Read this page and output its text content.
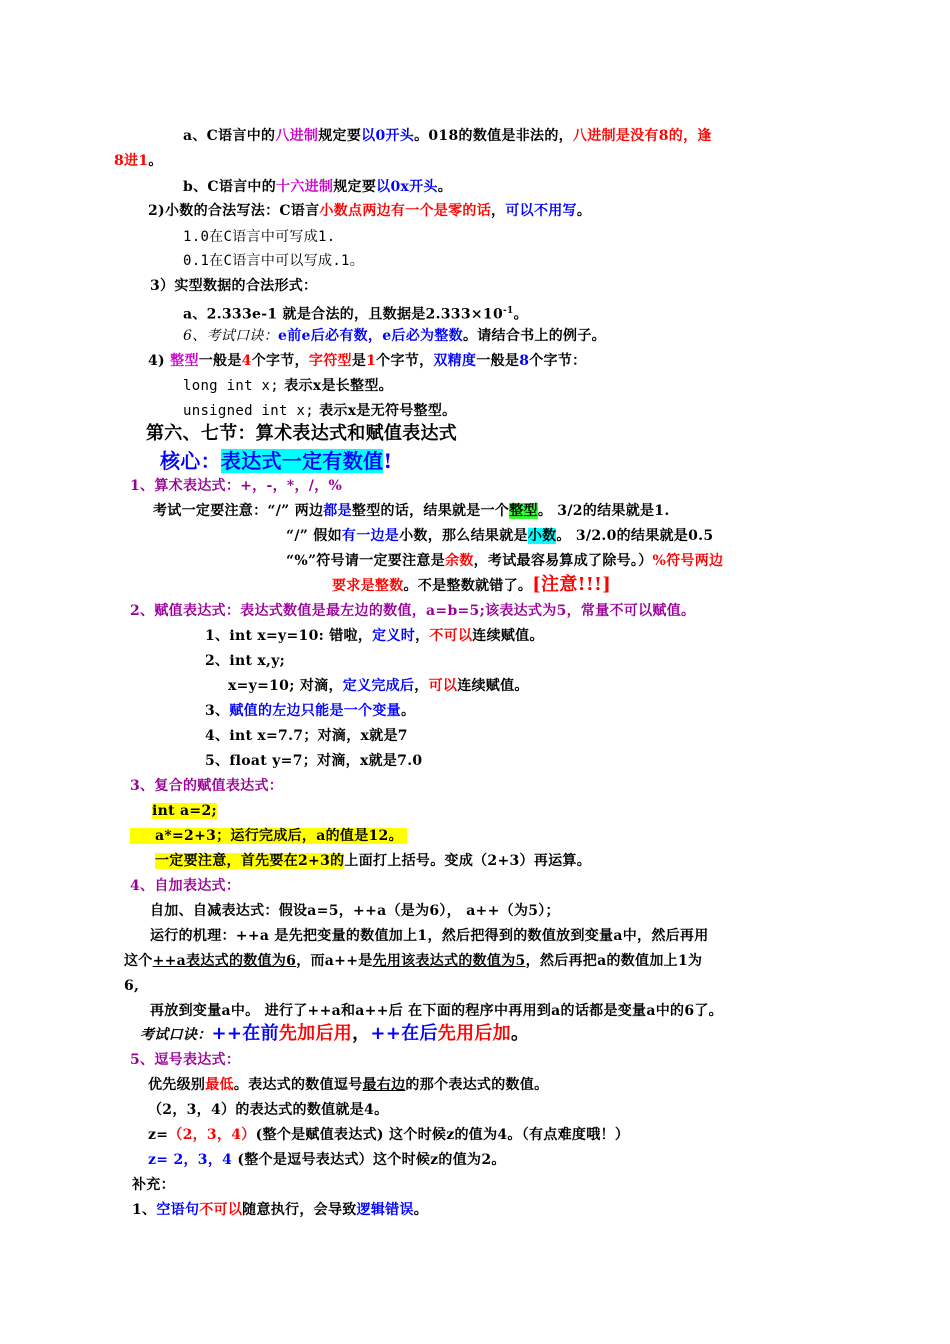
a、C语言中的八进制规定要以0开头。018的数值是非法的，八进制是没有8的，逢
8进1。
b、C语言中的十六进制规定要以0x开头。
2)小数的合法写法：C语言小数点两边有一个是零的话，可以不用写。
1.0在C语言中可写成1.
0.1在C语言中可以写成.1。
3）实型数据的合法形式：
a、2.333e-1 就是合法的，且数据是$2.333\times 10^{-1}$。
6、考试口诀：e前e后必有数，e后必为整数。请结合书上的例子。
4) 整型一般是4个字节，字符型是1个字节，双精度一般是8个字节：
long int x; 表示x是长整型。
unsigned int x; 表示x是无符号整型。
第六、七节：算术表达式和赋值表达式
核心：表达式一定有数值!
1、算术表达式：+，-，*，/，%
考试一定要注意：“/” 两边都是整型的话，结果就是一个整型。 3/2的结果就是1.
“/” 假如有一边是小数，那么结果就是小数。 3/2.0的结果就是0.5
“%”符号请一定要注意是余数，考试最容易算成了除号。）%符号两边
要求是整数。不是整数就错了。[注意!!!]
2、赋值表达式：表达式数值是最左边的数值，a=b=5;该表达式为5，常量不可以赋值。
1、int x=y=10: 错啦，定义时，不可以连续赋值。
2、int x,y;
x=y=10; 对滴，定义完成后，可以连续赋值。
3、赋值的左边只能是一个变量。
4、int x=7.7；对滴，x就是7
5、float y=7；对滴，x就是7.0
3、复合的赋值表达式：
int a=2;
a*=2+3；运行完成后，a的值是12。
一定要注意，首先要在2+3的上面打上括号。变成（2+3）再运算。
4、自加表达式：
自加、自减表达式：假设a=5，++a（是为6）， a++（为5）；
运行的机理：++a 是先把变量的数值加上1，然后把得到的数值放到变量a中，然后再用
这个++a表达式的数值为6，而a++是先用该表达式的数值为5，然后再把a的数值加上1为
6,
再放到变量a中。 进行了++a和a++后 在下面的程序中再用到a的话都是变量a中的6了。
考试口诀：++在前先加后用，++在后先用后加。
5、逗号表达式：
优先级别最低。表达式的数值逗号最右边的那个表达式的数值。
（2，3，4）的表达式的数值就是4。
z=（2，3，4）(整个是赋值表达式) 这个时候z的值为4。（有点难度哦！）
z= 2，3，4 (整个是逗号表达式）这个时候z的值为2。
补充：
1、空语句不可以随意执行，会导致逻辑错误。
